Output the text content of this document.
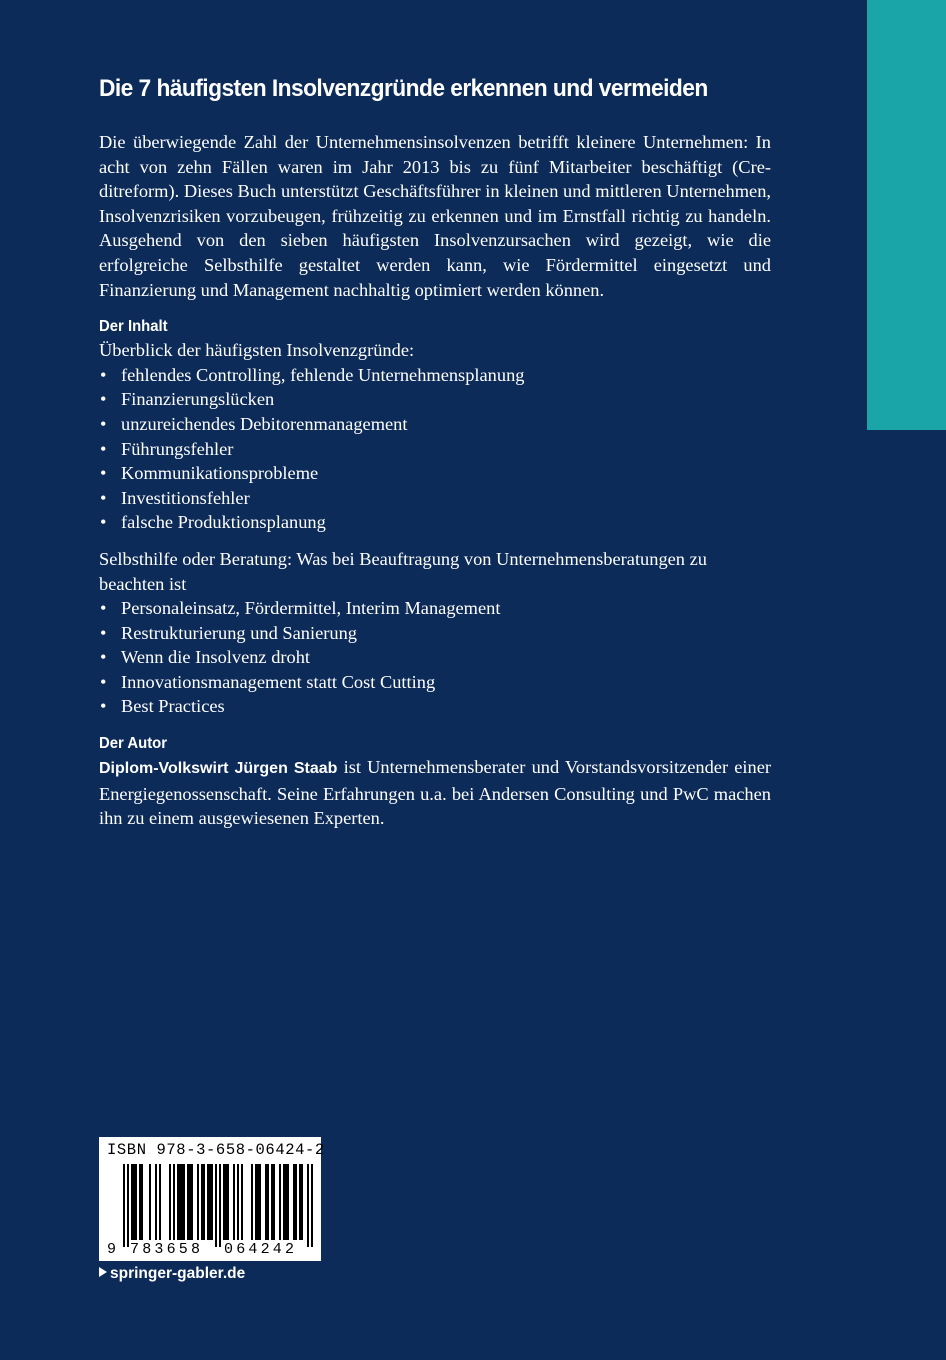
Die 7 häufigsten Insolvenzgründe erkennen und vermeiden

Die überwiegende Zahl der Unternehmensinsolvenzen betrifft kleinere Unternehmen: In acht von zehn Fällen waren im Jahr 2013 bis zu fünf Mitarbeiter beschäftigt (Creditreform). Dieses Buch unterstützt Geschäftsführer in kleinen und mittleren Unternehmen, Insolvenzrisiken vorzubeugen, frühzeitig zu erkennen und im Ernstfall richtig zu handeln. Ausgehend von den sieben häufigsten Insolvenzursachen wird gezeigt, wie die erfolgreiche Selbsthilfe gestaltet werden kann, wie Fördermittel eingesetzt und Finanzierung und Management nachhaltig optimiert werden können.

Der Inhalt

Überblick der häufigsten Insolvenzgründe:

• fehlendes Controlling, fehlende Unternehmensplanung
• Finanzierungslücken
• unzureichendes Debitorenmanagement
• Führungsfehler
• Kommunikationsprobleme
• Investitionsfehler
• falsche Produktionsplanung

Selbsthilfe oder Beratung: Was bei Beauftragung von Unternehmensberatungen zu beachten ist

• Personaleinsatz, Fördermittel, Interim Management
• Restrukturierung und Sanierung
• Wenn die Insolvenz droht
• Innovationsmanagement statt Cost Cutting
• Best Practices
Der Autor

Diplom-Volkswirt Jürgen Staab ist Unternehmensberater und Vorstandsvorsitzender einer Energiegenossenschaft. Seine Erfahrungen u.a. bei Andersen Consulting und PwC machen ihn zu einem ausgewiesenen Experten.

ISBN 978-3-658-06424-2
9 783658 064242
springer-gabler.de
